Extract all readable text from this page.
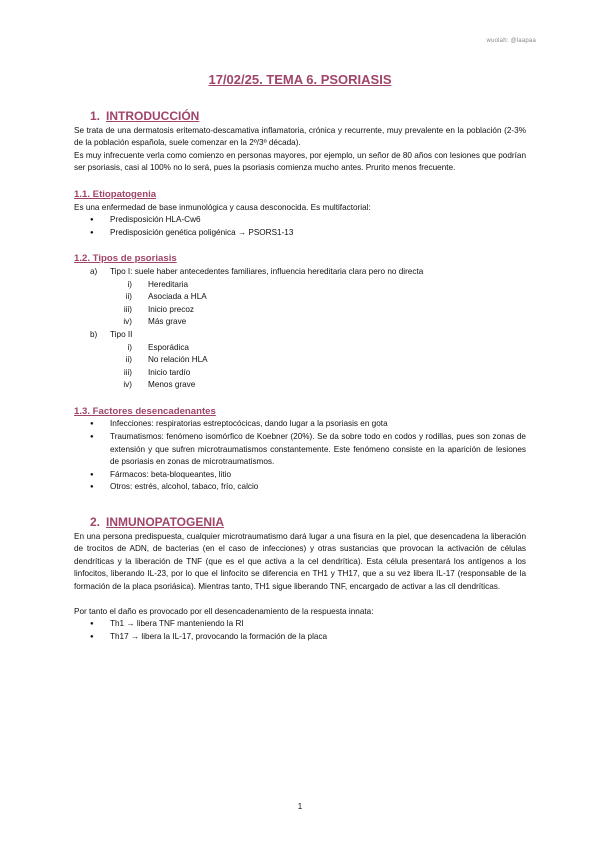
wuolah: @laapaa
17/02/25. TEMA 6. PSORIASIS
1. INTRODUCCIÓN

Se trata de una dermatosis eritemato-descamativa inflamatoria, crónica y recurrente, muy prevalente en la población (2-3% de la población española, suele comenzar en la 2º/3º década).

Es muy infrecuente verla como comienzo en personas mayores, por ejemplo, un señor de 80 años con lesiones que podrían ser psoriasis, casi al 100% no lo será, pues la psoriasis comienza mucho antes. Prurito menos frecuente.

1.1. Etiopatogenia

Es una enfermedad de base inmunológica y causa desconocida. Es multifactorial:

● Predisposición HLA-Cw6
● Predisposición genética poligénica → PSORS1-13
1.2. Tipos de psoriasis
a) Tipo I: suele haber antecedentes familiares, influencia hereditaria clara pero no directa
i) Hereditaria
ii) Asociada a HLA
iii) Inicio precoz
iv) Más grave
b) Tipo II
i) Esporádica
ii) No relación HLA
iii) Inicio tardío
iv) Menos grave
1.3. Factores desencadenantes
● Infecciones: respiratorias estreptocócicas, dando lugar a la psoriasis en gota
● Traumatismos: fenómeno isomórfico de Koebner (20%). Se da sobre todo en codos y rodillas, pues son zonas de extensión y que sufren microtraumatismos constantemente. Este fenómeno consiste en la aparición de lesiones de psoriasis en zonas de microtraumatismos.
● Fármacos: beta-bloqueantes, litio
● Otros: estrés, alcohol, tabaco, frío, calcio
2. INMUNOPATOGENIA

En una persona predispuesta, cualquier microtraumatismo dará lugar a una fisura en la piel, que desencadena la liberación de trocitos de ADN, de bacterias (en el caso de infecciones) y otras sustancias que provocan la activación de células dendríticas y la liberación de TNF (que es el que activa a la cel dendrítica). Esta célula presentará los antígenos a los linfocitos, liberando IL-23, por lo que el linfocito se diferencia en TH1 y TH17, que a su vez libera IL-17 (responsable de la formación de la placa psoriásica). Mientras tanto, TH1 sigue liberando TNF, encargado de activar a las cll dendríticas.

Por tanto el daño es provocado por ell desencadenamiento de la respuesta innata:

● Th1 → libera TNF manteniendo la RI
● Th17 → libera la IL-17, provocando la formación de la placa
1
